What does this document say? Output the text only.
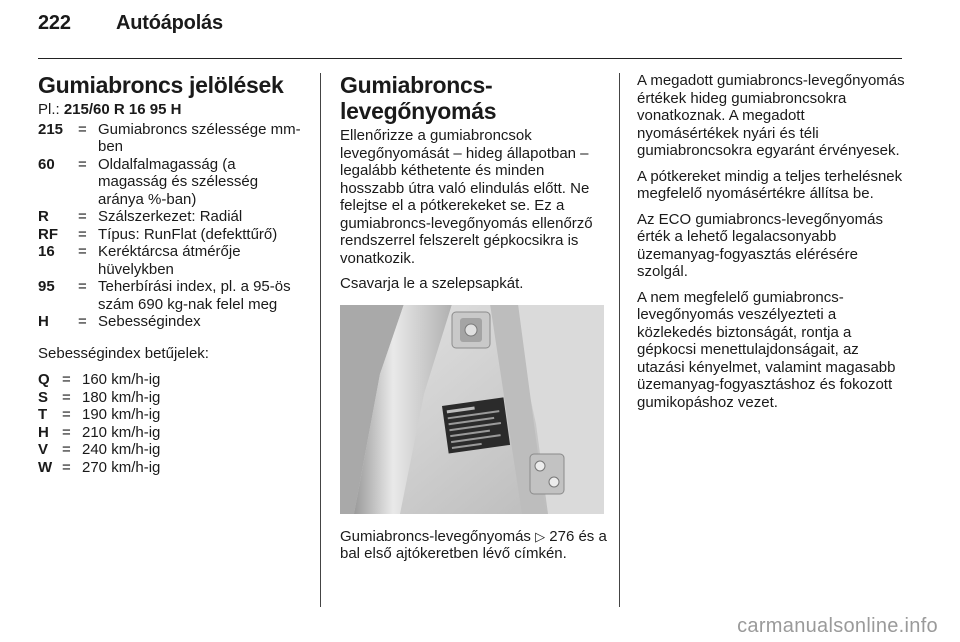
222 Autóápolás
Gumiabroncs jelölések

Pl.: 215/60 R 16 95 H

215 = Gumiabroncs szélessége mm-ben
60	= Oldalfalmagasság (a magasság és szélesség aránya %-ban)
R	= Szálszerkezet: Radiál
RF	= Típus: RunFlat (defekttűrő)
16	= Keréktárcsa átmérője hüvelykben
95	= Teherbírási index, pl. a 95-ös szám 690 kg-nak felel meg
H	= Sebességindex

Sebességindex betűjelek:

Q = 160 km/h-ig
S = 180 km/h-ig
T = 190 km/h-ig
H = 210 km/h-ig
V = 240 km/h-ig
W = 270 km/h-ig
Gumiabroncs-levegőnyomás

Ellenőrizze a gumiabroncsok levegőnyomását – hideg állapotban – legalább kéthetente és minden hosszabb útra való elindulás előtt. Ne felejtse el a pótkerekeket se. Ez a gumiabroncs-levegőnyomás ellenőrző rendszerrel felszerelt gépkocsikra is vonatkozik.

Csavarja le a szelepsapkát.

Gumiabroncs-levegőnyomás ▷ 276 és a bal első ajtókeretben lévő címkén.

A megadott gumiabroncs-levegőnyomás értékek hideg gumiabroncsokra vonatkoznak. A megadott nyomásértékek nyári és téli gumiabroncsokra egyaránt érvényesek.

A pótkereket mindig a teljes terhelésnek megfelelő nyomásértékre állítsa be.

Az ECO gumiabroncs-levegőnyomás érték a lehető legalacsonyabb üzemanyag-fogyasztás elérésére szolgál.

A nem megfelelő gumiabroncs-levegőnyomás veszélyezteti a közlekedés biztonságát, rontja a gépkocsi menettulajdonságait, az utazási kényelmet, valamint magasabb üzemanyag-fogyasztáshoz és fokozott gumikopáshoz vezet.

carmanualsonline.info
